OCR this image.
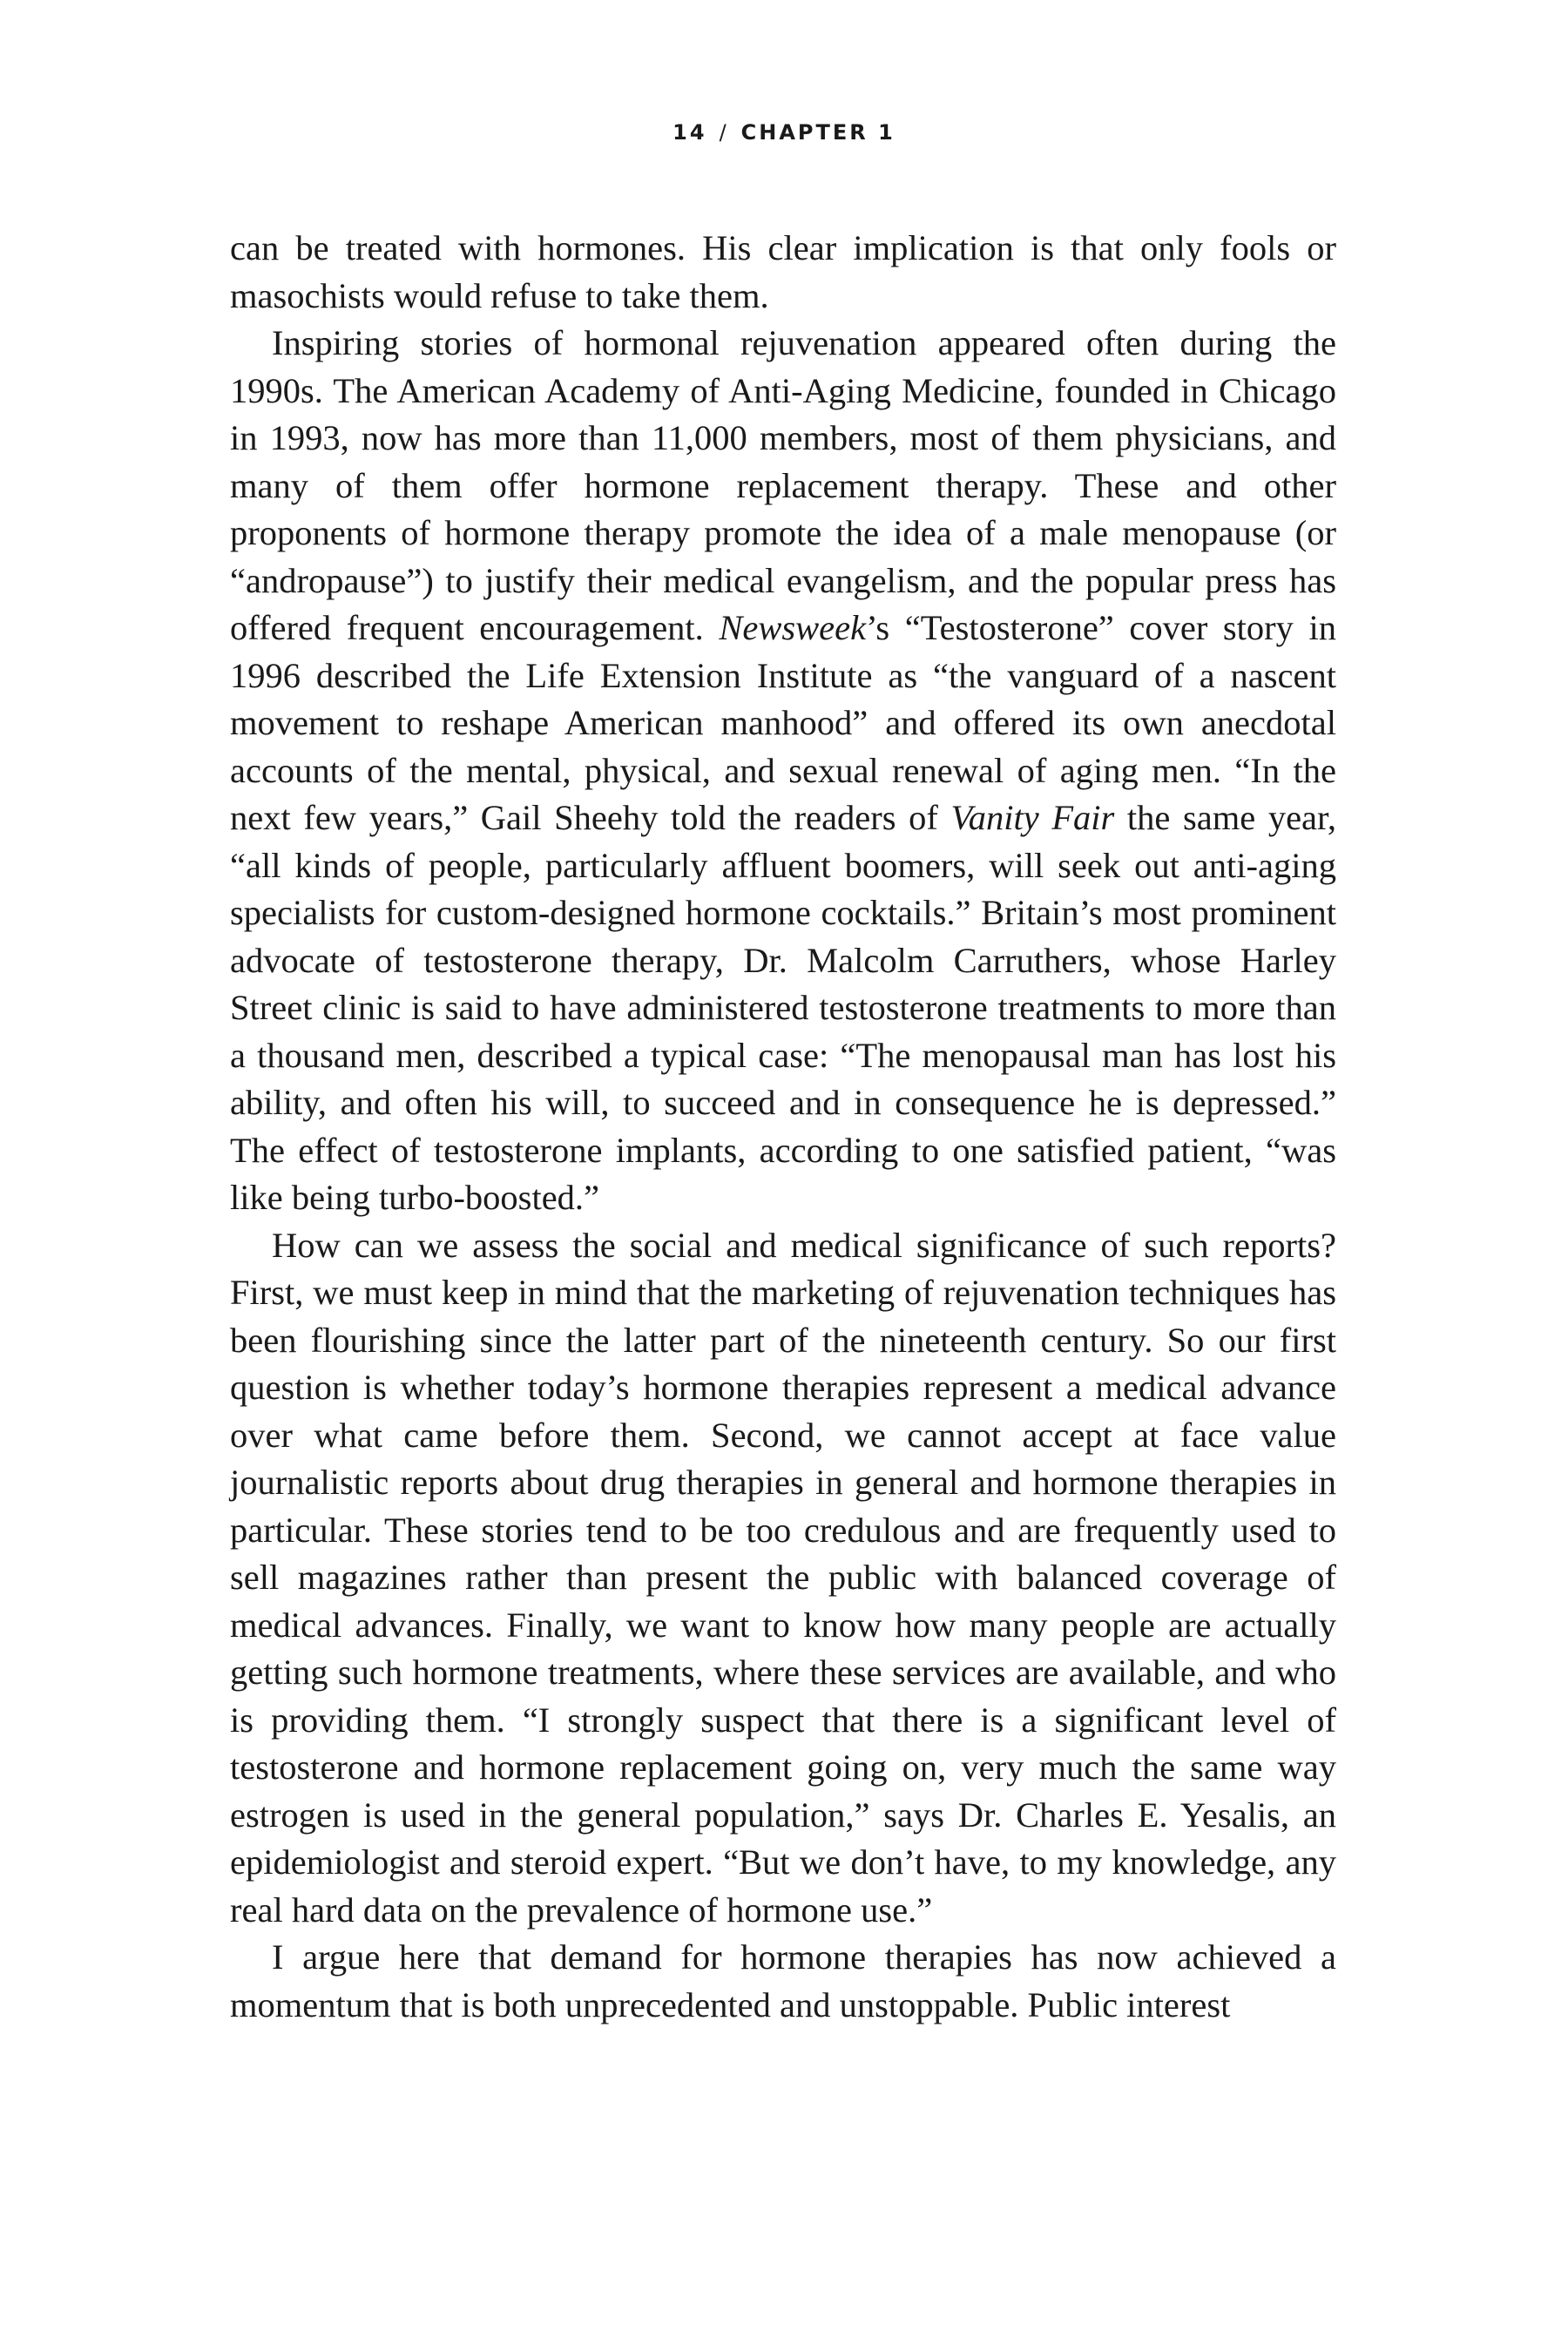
14 / CHAPTER 1

can be treated with hormones. His clear implication is that only fools or masochists would refuse to take them.

Inspiring stories of hormonal rejuvenation appeared often during the 1990s. The American Academy of Anti-Aging Medicine, founded in Chicago in 1993, now has more than 11,000 members, most of them physicians, and many of them offer hormone replacement therapy. These and other proponents of hormone therapy promote the idea of a male menopause (or “andropause”) to justify their medical evangelism, and the popular press has offered frequent encouragement. Newsweek’s “Testosterone” cover story in 1996 described the Life Extension Institute as “the vanguard of a nascent movement to reshape American manhood” and offered its own anecdotal accounts of the mental, physical, and sexual renewal of aging men. “In the next few years,” Gail Sheehy told the readers of Vanity Fair the same year, “all kinds of people, particularly affluent boomers, will seek out anti-aging specialists for custom-designed hormone cocktails.” Britain’s most prominent advocate of testosterone therapy, Dr. Malcolm Carruthers, whose Harley Street clinic is said to have administered testosterone treatments to more than a thousand men, described a typical case: “The menopausal man has lost his ability, and often his will, to succeed and in consequence he is depressed.” The effect of testosterone implants, according to one satisfied patient, “was like being turbo-boosted.”

How can we assess the social and medical significance of such reports? First, we must keep in mind that the marketing of rejuvenation techniques has been flourishing since the latter part of the nineteenth century. So our first question is whether today’s hormone therapies represent a medical advance over what came before them. Second, we cannot accept at face value journalistic reports about drug therapies in general and hormone therapies in particular. These stories tend to be too credulous and are frequently used to sell magazines rather than present the public with balanced coverage of medical advances. Finally, we want to know how many people are actually getting such hormone treatments, where these services are available, and who is providing them. “I strongly suspect that there is a significant level of testosterone and hormone replacement going on, very much the same way estrogen is used in the general population,” says Dr. Charles E. Yesalis, an epidemiologist and steroid expert. “But we don’t have, to my knowledge, any real hard data on the prevalence of hormone use.”

I argue here that demand for hormone therapies has now achieved a momentum that is both unprecedented and unstoppable. Public interest
